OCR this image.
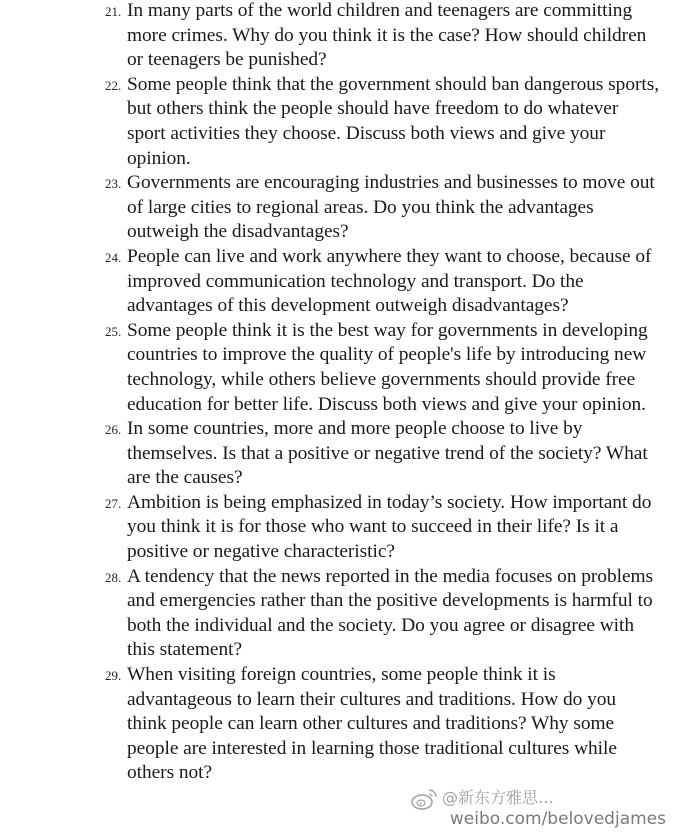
21. In many parts of the world children and teenagers are committing more crimes. Why do you think it is the case? How should children or teenagers be punished?
22. Some people think that the government should ban dangerous sports, but others think the people should have freedom to do whatever sport activities they choose. Discuss both views and give your opinion.
23. Governments are encouraging industries and businesses to move out of large cities to regional areas. Do you think the advantages outweigh the disadvantages?
24. People can live and work anywhere they want to choose, because of improved communication technology and transport. Do the advantages of this development outweigh disadvantages?
25. Some people think it is the best way for governments in developing countries to improve the quality of people's life by introducing new technology, while others believe governments should provide free education for better life. Discuss both views and give your opinion.
26. In some countries, more and more people choose to live by themselves. Is that a positive or negative trend of the society? What are the causes?
27. Ambition is being emphasized in today’s society. How important do you think it is for those who want to succeed in their life? Is it a positive or negative characteristic?
28. A tendency that the news reported in the media focuses on problems and emergencies rather than the positive developments is harmful to both the individual and the society. Do you agree or disagree with this statement?
29. When visiting foreign countries, some people think it is advantageous to learn their cultures and traditions. How do you think people can learn other cultures and traditions? Why some people are interested in learning those traditional cultures while others not?
@新东方雅思…
weibo.com/belovedjames
